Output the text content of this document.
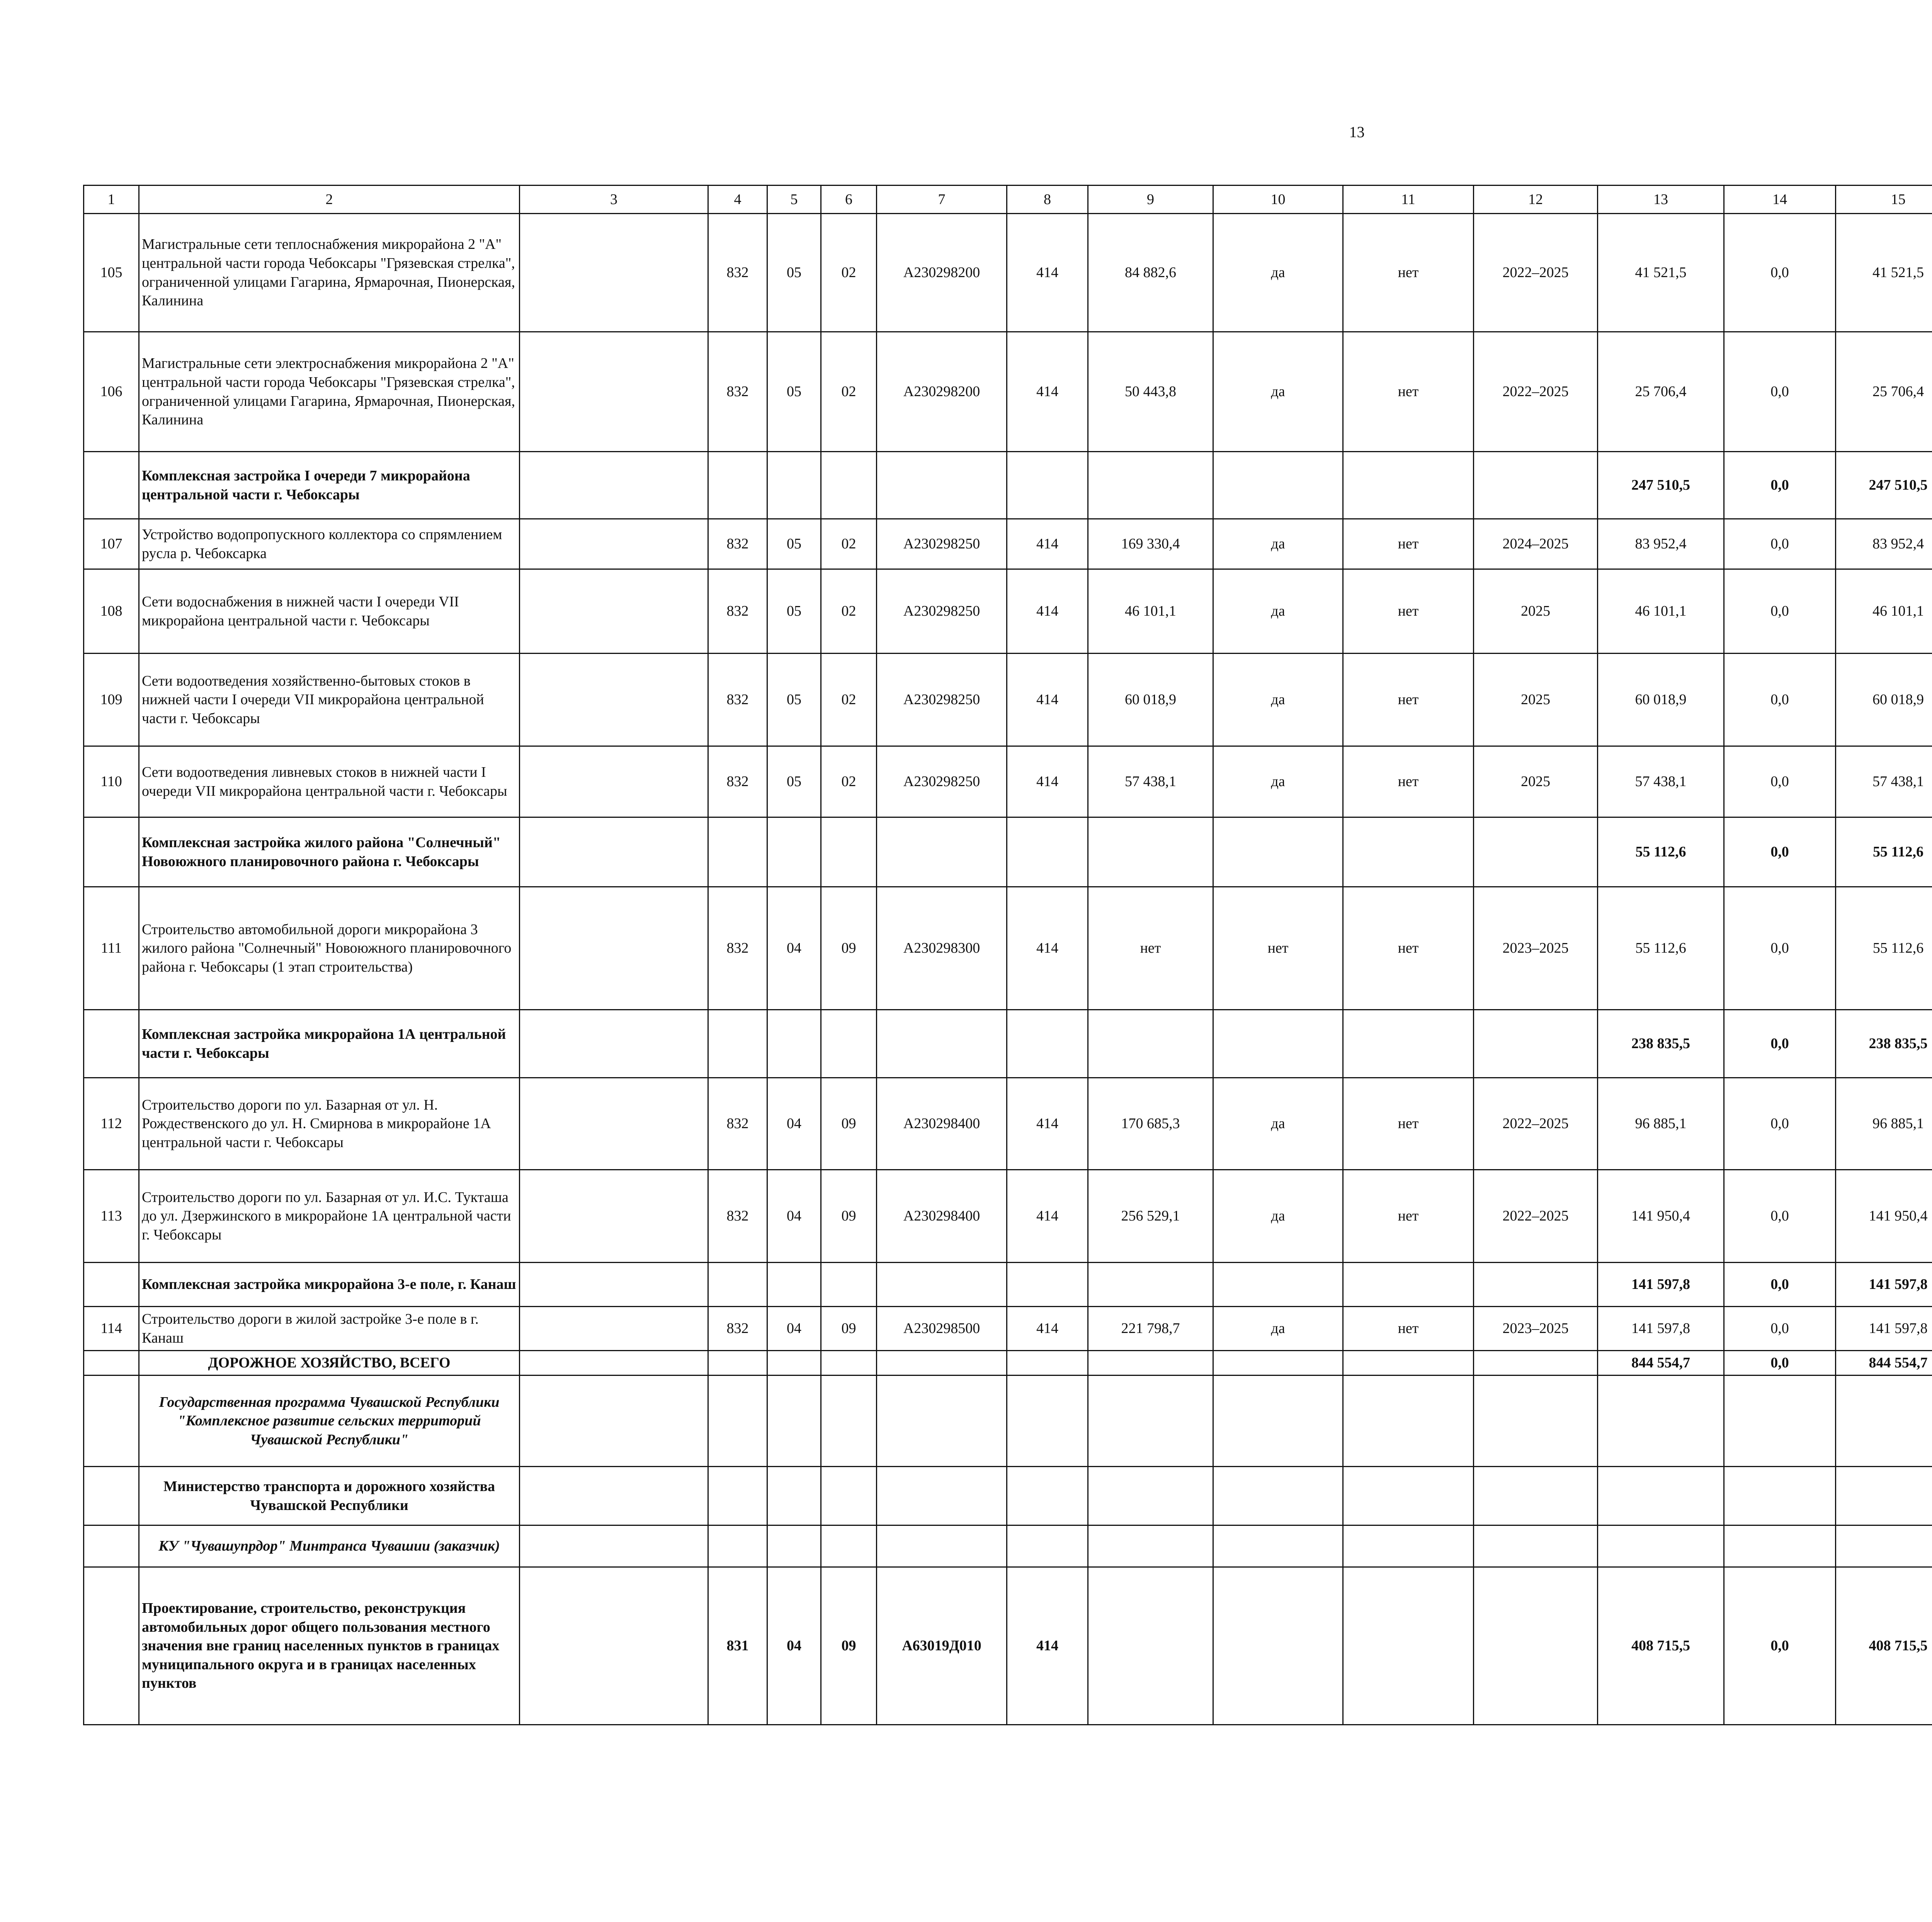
13
1	2	3	4	5	6	7	8	9	10	11	12	13	14	15						
105	Магистральные сети теплоснабжения микрорайона 2 "А" центральной части города Чебоксары "Грязевская стрелка", ограниченной улицами Гагарина, Ярмарочная, Пионерская, Калинина		832	05	02	А230298200	414	84 882,6	да	нет	2022–2025	41 521,5	0,0	41 521,5						
106	Магистральные сети электроснабжения микрорайона 2 "А" центральной части города Чебоксары "Грязевская стрелка", ограниченной улицами Гагарина, Ярмарочная, Пионерская, Калинина		832	05	02	А230298200	414	50 443,8	да	нет	2022–2025	25 706,4	0,0	25 706,4						
	Комплексная застройка I очереди 7 микрорайона центральной части г. Чебоксары											247 510,5	0,0	247 510,5						
107	Устройство водопропускного коллектора со спрямлением русла р. Чебоксарка		832	05	02	А230298250	414	169 330,4	да	нет	2024–2025	83 952,4	0,0	83 952,4						
108	Сети водоснабжения в нижней части I очереди VII микрорайона центральной части г. Чебоксары		832	05	02	А230298250	414	46 101,1	да	нет	2025	46 101,1	0,0	46 101,1						
109	Сети водоотведения хозяйственно-бытовых стоков в нижней части I очереди VII микрорайона центральной части г. Чебоксары		832	05	02	А230298250	414	60 018,9	да	нет	2025	60 018,9	0,0	60 018,9						
110	Сети водоотведения ливневых стоков в нижней части I очереди VII микрорайона центральной части г. Чебоксары		832	05	02	А230298250	414	57 438,1	да	нет	2025	57 438,1	0,0	57 438,1						
	Комплексная застройка жилого района "Солнечный" Новоюжного планировочного района г. Чебоксары											55 112,6	0,0	55 112,6						
111	Строительство автомобильной дороги микрорайона 3 жилого района "Солнечный" Новоюжного планировочного района г. Чебоксары (1 этап строительства)		832	04	09	А230298300	414	нет	нет	нет	2023–2025	55 112,6	0,0	55 112,6						
	Комплексная застройка микрорайона 1А центральной части г. Чебоксары											238 835,5	0,0	238 835,5						
112	Строительство дороги по ул. Базарная от ул. Н. Рождественского до ул. Н. Смирнова в микрорайоне 1А центральной части г. Чебоксары		832	04	09	А230298400	414	170 685,3	да	нет	2022–2025	96 885,1	0,0	96 885,1						
113	Строительство дороги по ул. Базарная от ул. И.С. Тукташа до ул. Дзержинского в микрорайоне 1А центральной части г. Чебоксары		832	04	09	А230298400	414	256 529,1	да	нет	2022–2025	141 950,4	0,0	141 950,4						
	Комплексная застройка микрорайона 3-е поле, г. Канаш											141 597,8	0,0	141 597,8						
114	Строительство дороги в жилой застройке 3-е поле в г. Канаш		832	04	09	А230298500	414	221 798,7	да	нет	2023–2025	141 597,8	0,0	141 597,8						
	ДОРОЖНОЕ ХОЗЯЙСТВО, ВСЕГО											844 554,7	0,0	844 554,7						
	Государственная программа Чувашской Республики "Комплексное развитие сельских территорий Чувашской Республики"																			
	Министерство транспорта и дорожного хозяйства Чувашской Республики																			
	КУ "Чувашупрдор" Минтранса Чувашии (заказчик)																			
	Проектирование, строительство, реконструкция автомобильных дорог общего пользования местного значения вне границ населенных пунктов в границах муниципального округа и в границах населенных пунктов		831	04	09	А63019Д010	414					408 715,5	0,0	408 715,5						
